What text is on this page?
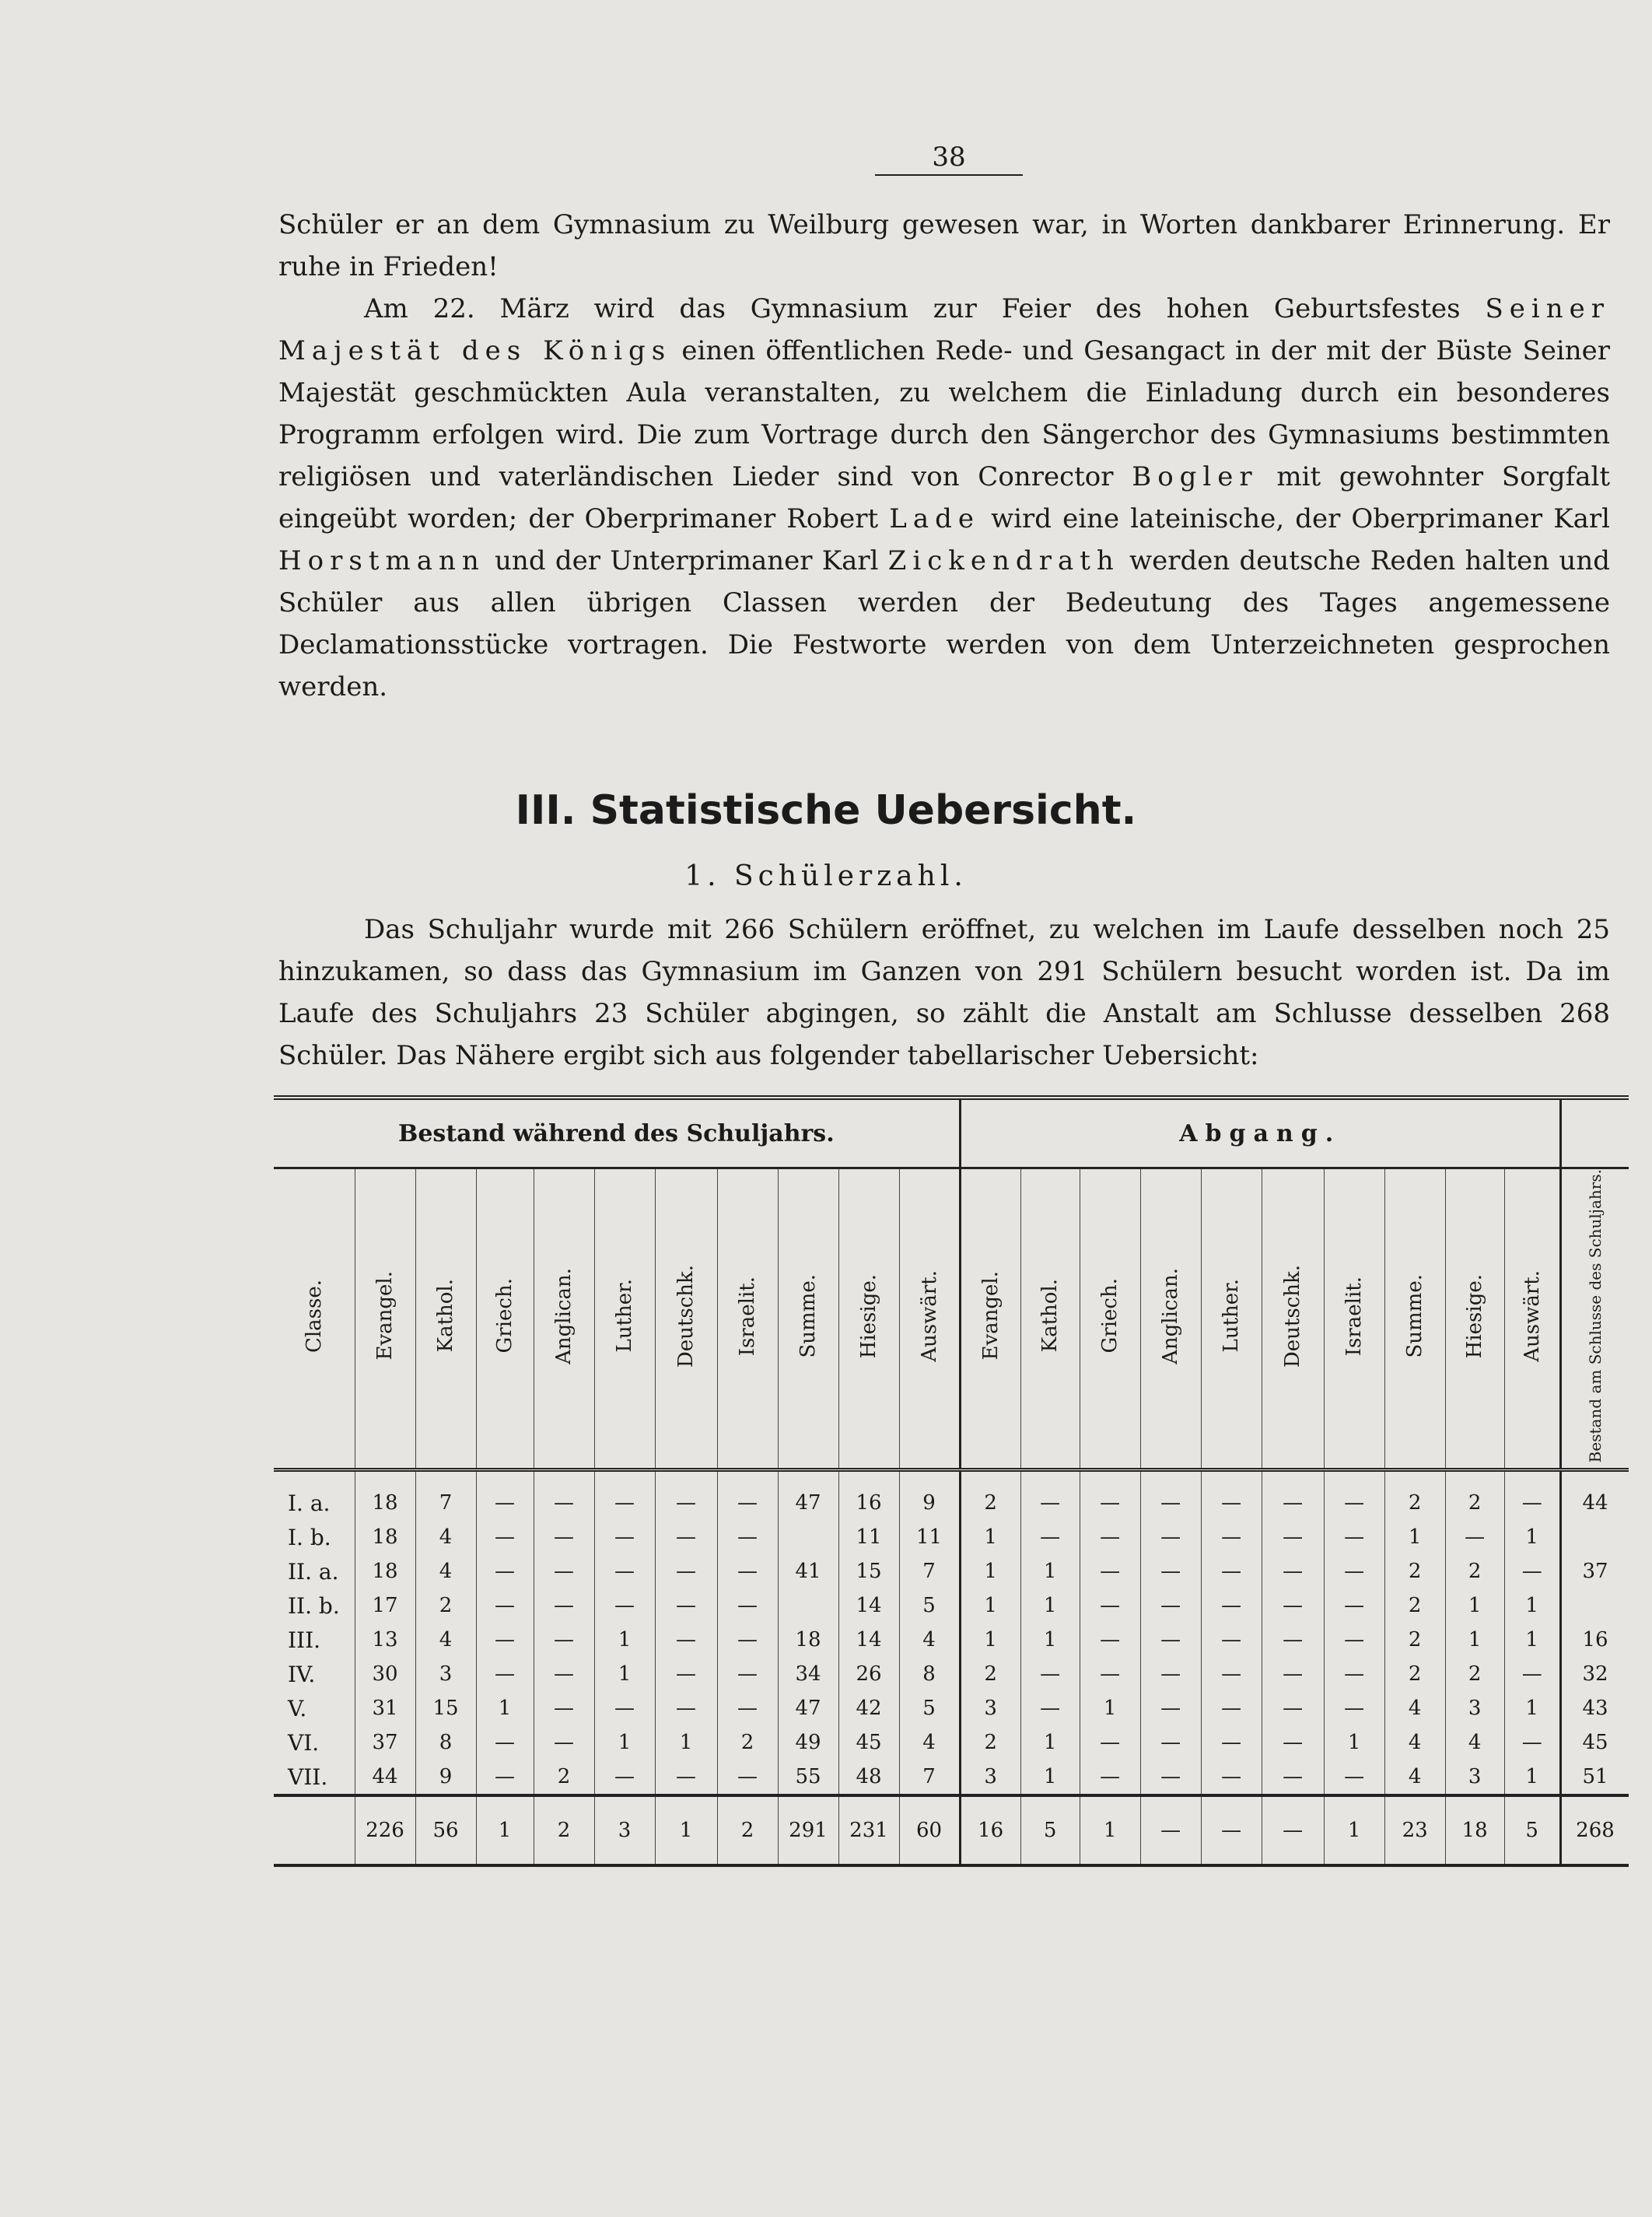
38

Schüler er an dem Gymnasium zu Weilburg gewesen war, in Worten dankbarer Erinnerung. Er ruhe in Frieden!

Am 22. März wird das Gymnasium zur Feier des hohen Geburtsfestes Seiner Majestät des Königs einen öffentlichen Rede- und Gesangact in der mit der Büste Seiner Majestät geschmückten Aula veranstalten, zu welchem die Einladung durch ein besonderes Programm erfolgen wird. Die zum Vortrage durch den Sängerchor des Gymnasiums bestimmten religiösen und vaterländischen Lieder sind von Conrector Bogler mit gewohnter Sorgfalt eingeübt worden; der Oberprimaner Robert Lade wird eine lateinische, der Oberprimaner Karl Horstmann und der Unterprimaner Karl Zickendrath werden deutsche Reden halten und Schüler aus allen übrigen Classen werden der Bedeutung des Tages angemessene Declamationsstücke vortragen. Die Festworte werden von dem Unterzeichneten gesprochen werden.

III. Statistische Uebersicht.
1. Schülerzahl.

Das Schuljahr wurde mit 266 Schülern eröffnet, zu welchen im Laufe desselben noch 25 hinzukamen, so dass das Gymnasium im Ganzen von 291 Schülern besucht worden ist. Da im Laufe des Schuljahrs 23 Schüler abgingen, so zählt die Anstalt am Schlusse desselben 268 Schüler. Das Nähere ergibt sich aus folgender tabellarischer Uebersicht:

Bestand während des Schuljahrs.											Abgang.										
Classe.	Evangel.	Kathol.	Griech.	Anglican.	Luther.	Deutschk.	Israelit.	Summe.	Hiesige.	Auswärt.	Evangel.	Kathol.	Griech.	Anglican.	Luther.	Deutschk.	Israelit.	Summe.	Hiesige.	Auswärt.	Bestand am Schlusse des Schuljahrs.
I. a.	18	7	—	—	—	—	—	47	16	9	2	—	—	—	—	—	—	2	2	—	44
I. b.	18	4	—	—	—	—	—		11	11	1	—	—	—	—	—	—	1	—	1	
II. a.	18	4	—	—	—	—	—	41	15	7	1	1	—	—	—	—	—	2	2	—	37
II. b.	17	2	—	—	—	—	—		14	5	1	1	—	—	—	—	—	2	1	1	
III.	13	4	—	—	1	—	—	18	14	4	1	1	—	—	—	—	—	2	1	1	16
IV.	30	3	—	—	1	—	—	34	26	8	2	—	—	—	—	—	—	2	2	—	32
V.	31	15	1	—	—	—	—	47	42	5	3	—	1	—	—	—	—	4	3	1	43
VI.	37	8	—	—	1	1	2	49	45	4	2	1	—	—	—	—	1	4	4	—	45
VII.	44	9	—	2	—	—	—	55	48	7	3	1	—	—	—	—	—	4	3	1	51
	226	56	1	2	3	1	2	291	231	60	16	5	1	—	—	—	1	23	18	5	268
